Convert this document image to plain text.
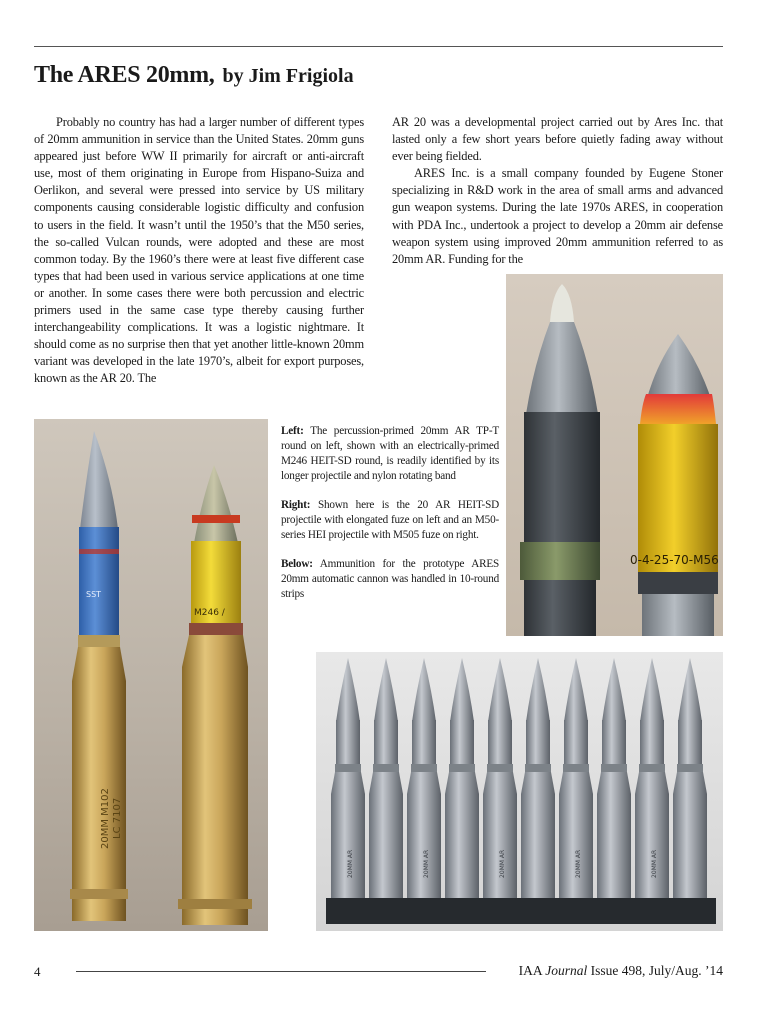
The ARES 20mm, by Jim Frigiola

Probably no country has had a larger number of different types of 20mm ammunition in service than the United States. 20mm guns appeared just before WW II primarily for aircraft or anti-aircraft use, most of them originating in Europe from Hispano-Suiza and Oerlikon, and several were pressed into service by US military components causing considerable logistic difficulty and confusion to users in the field. It wasn’t until the 1950’s that the M50 series, the so-called Vulcan rounds, were adopted and these are most common today. By the 1960’s there were at least five different case types that had been used in various service applications at one time or another. In some cases there were both percussion and electric primers used in the same case type thereby causing further interchangeability complications. It was a logistic nightmare. It should come as no surprise then that yet another little-known 20mm variant was developed in the late 1970’s, albeit for export purposes, known as the AR 20. The

AR 20 was a developmental project carried out by Ares Inc. that lasted only a few short years before quietly fading away without ever being fielded.

ARES Inc. is a small company founded by Eugene Stoner specializing in R&D work in the area of small arms and advanced gun weapon systems. During the late 1970s ARES, in cooperation with PDA Inc., undertook a project to develop a 20mm air defense weapon system using improved 20mm ammunition referred to as 20mm AR. Funding for the

SST
20MM M102 LC 7107
M246 /

Left: The percussion-primed 20mm AR TP-T round on left, shown with an electrically-primed M246 HEIT-SD round, is readily identified by its longer projectile and nylon rotating band

Right: Shown here is the 20 AR HEIT-SD projectile with elongated fuze on left and an M50-series HEI projectile with M505 fuze on right.

Below: Ammunition for the prototype ARES 20mm automatic cannon was handled in 10-round strips

0-4-25-70-M56
20MM AR	20MM AR	20MM AR	20MM AR	20MM AR
4	IAA Journal Issue 498, July/Aug. ’14
